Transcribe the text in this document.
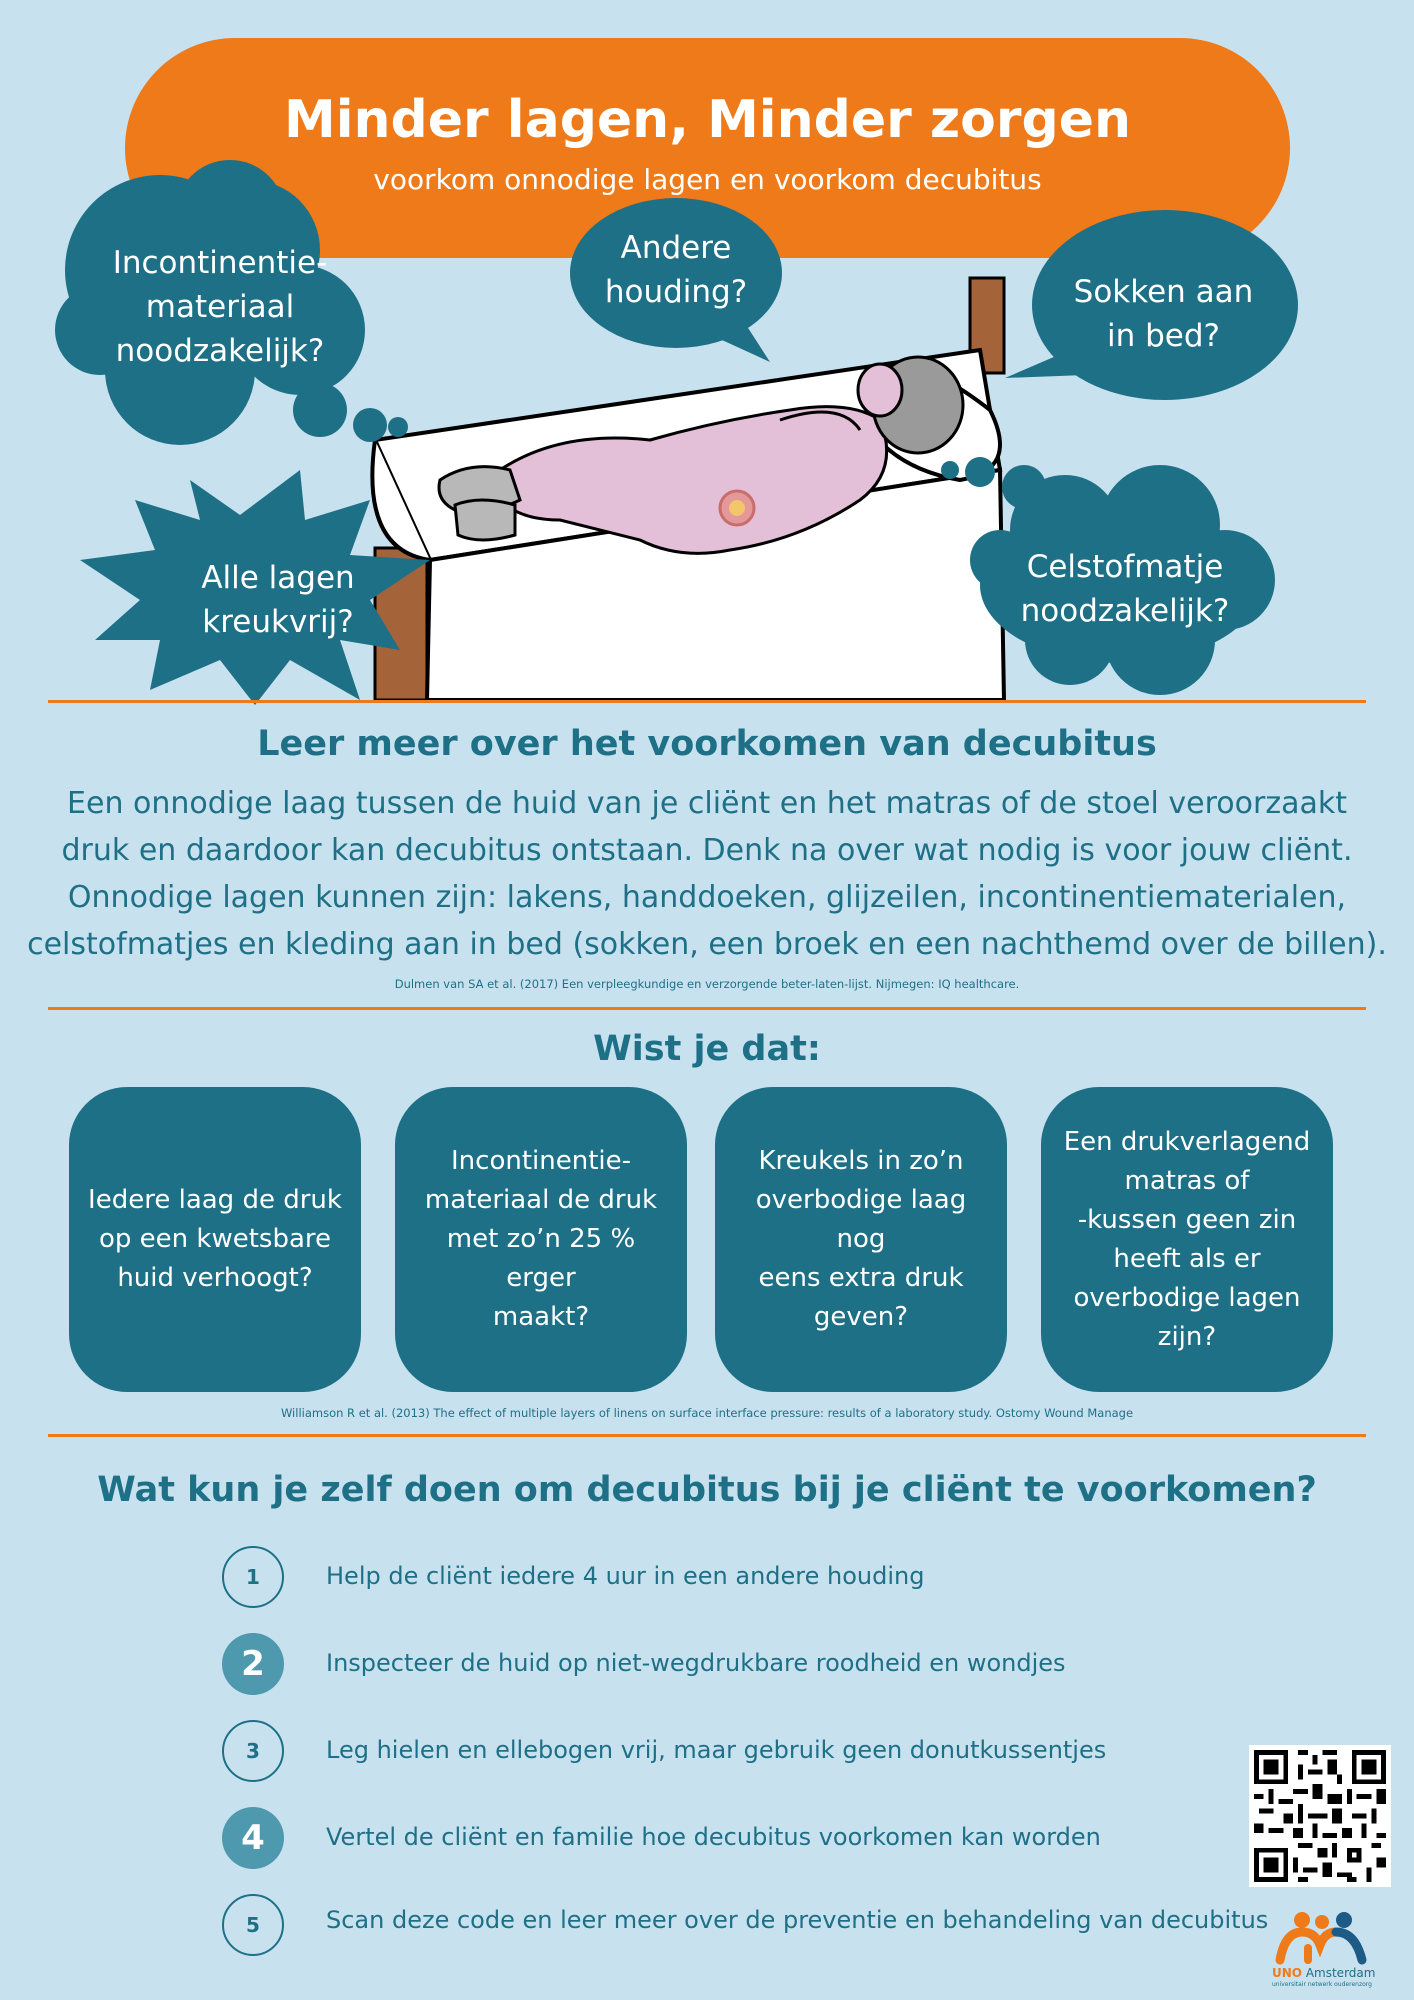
Minder lagen, Minder zorgen
voorkom onnodige lagen en voorkom decubitus
Incontinentie-
materiaal
noodzakelijk?
Andere
houding?	Sokken aan
in bed?
Alle lagen
kreukvrij?
Celstofmatje
noodzakelijk?
Leer meer over het voorkomen van decubitus
Een onnodige laag tussen de huid van je cliënt en het matras of de stoel veroorzaakt
druk en daardoor kan decubitus ontstaan. Denk na over wat nodig is voor jouw cliënt.
Onnodige lagen kunnen zijn: lakens, handdoeken, glijzeilen, incontinentiematerialen,
celstofmatjes en kleding aan in bed (sokken, een broek en een nachthemd over de billen).
Dulmen van SA et al. (2017) Een verpleegkundige en verzorgende beter-laten-lijst. Nijmegen: IQ healthcare.
Wist je dat:
Iedere laag de druk
op een kwetsbare
huid verhoogt?
Incontinentie-
materiaal de druk
met zo’n 25 % erger
maakt?
Kreukels in zo’n
overbodige laag nog
eens extra druk
geven?
Een drukverlagend
matras of
-kussen geen zin
heeft als er
overbodige lagen
zijn?
Williamson R et al. (2013) The effect of multiple layers of linens on surface interface pressure: results of a laboratory study. Ostomy Wound Manage
Wat kun je zelf doen om decubitus bij je cliënt te voorkomen?
1	Help de cliënt iedere 4 uur in een andere houding
2	Inspecteer de huid op niet-wegdrukbare roodheid en wondjes
3	Leg hielen en ellebogen vrij, maar gebruik geen donutkussentjes
4	Vertel de cliënt en familie hoe decubitus voorkomen kan worden
5	Scan deze code en leer meer over de preventie en behandeling van decubitus
UNO Amsterdam
universitair netwerk ouderenzorg
